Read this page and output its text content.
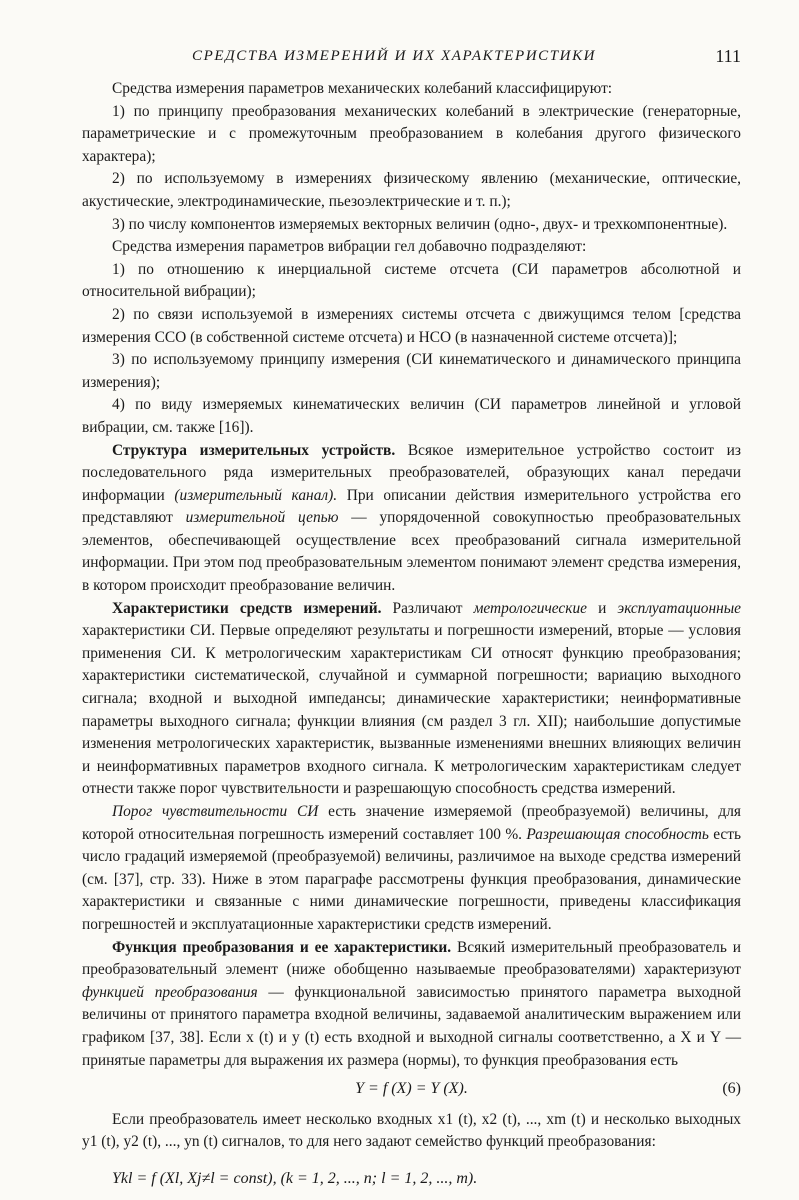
СРЕДСТВА ИЗМЕРЕНИЙ И ИХ ХАРАКТЕРИСТИКИ	111

Средства измерения параметров механических колебаний классифицируют:

1) по принципу преобразования механических колебаний в электрические (генераторные, параметрические и с промежуточным преобразованием в колебания другого физического характера);

2) по используемому в измерениях физическому явлению (механические, оптические, акустические, электродинамические, пьезоэлектрические и т. п.);

3) по числу компонентов измеряемых векторных величин (одно-, двух- и трехкомпонентные).

Средства измерения параметров вибрации гел добавочно подразделяют:

1) по отношению к инерциальной системе отсчета (СИ параметров абсолютной и относительной вибрации);

2) по связи используемой в измерениях системы отсчета с движущимся телом [средства измерения ССО (в собственной системе отсчета) и НСО (в назначенной системе отсчета)];

3) по используемому принципу измерения (СИ кинематического и динамического принципа измерения);

4) по виду измеряемых кинематических величин (СИ параметров линейной и угловой вибрации, см. также [16]).

Структура измерительных устройств. Всякое измерительное устройство состоит из последовательного ряда измерительных преобразователей, образующих канал передачи информации (измерительный канал). При описании действия измерительного устройства его представляют измерительной цепью — упорядоченной совокупностью преобразовательных элементов, обеспечивающей осуществление всех преобразований сигнала измерительной информации. При этом под преобразовательным элементом понимают элемент средства измерения, в котором происходит преобразование величин.

Характеристики средств измерений. Различают метрологические и эксплуатационные характеристики СИ. Первые определяют результаты и погрешности измерений, вторые — условия применения СИ. К метрологическим характеристикам СИ относят функцию преобразования; характеристики систематической, случайной и суммарной погрешности; вариацию выходного сигнала; входной и выходной импедансы; динамические характеристики; неинформативные параметры выходного сигнала; функции влияния (см раздел 3 гл. XII); наибольшие допустимые изменения метрологических характеристик, вызванные изменениями внешних влияющих величин и неинформативных параметров входного сигнала. К метрологическим характеристикам следует отнести также порог чувствительности и разрешающую способность средства измерений.

Порог чувствительности СИ есть значение измеряемой (преобразуемой) величины, для которой относительная погрешность измерений составляет 100 %. Разрешающая способность есть число градаций измеряемой (преобразуемой) величины, различимое на выходе средства измерений (см. [37], стр. 33). Ниже в этом параграфе рассмотрены функция преобразования, динамические характеристики и связанные с ними динамические погрешности, приведены классификация погрешностей и эксплуатационные характеристики средств измерений.

Функция преобразования и ее характеристики. Всякий измерительный преобразователь и преобразовательный элемент (ниже обобщенно называемые преобразователями) характеризуют функцией преобразования — функциональной зависимостью принятого параметра выходной величины от принятого параметра входной величины, задаваемой аналитическим выражением или графиком [37, 38]. Если x (t) и y (t) есть входной и выходной сигналы соответственно, а X и Y — принятые параметры для выражения их размера (нормы), то функция преобразования есть

Y = f (X) = Y (X).	(6)

Если преобразователь имеет несколько входных x1 (t), x2 (t), ..., xm (t) и несколько выходных y1 (t), y2 (t), ..., yn (t) сигналов, то для него задают семейство функций преобразования:

Ykl = f (Xl, Xj≠l = const), (k = 1, 2, ..., n; l = 1, 2, ..., m).
